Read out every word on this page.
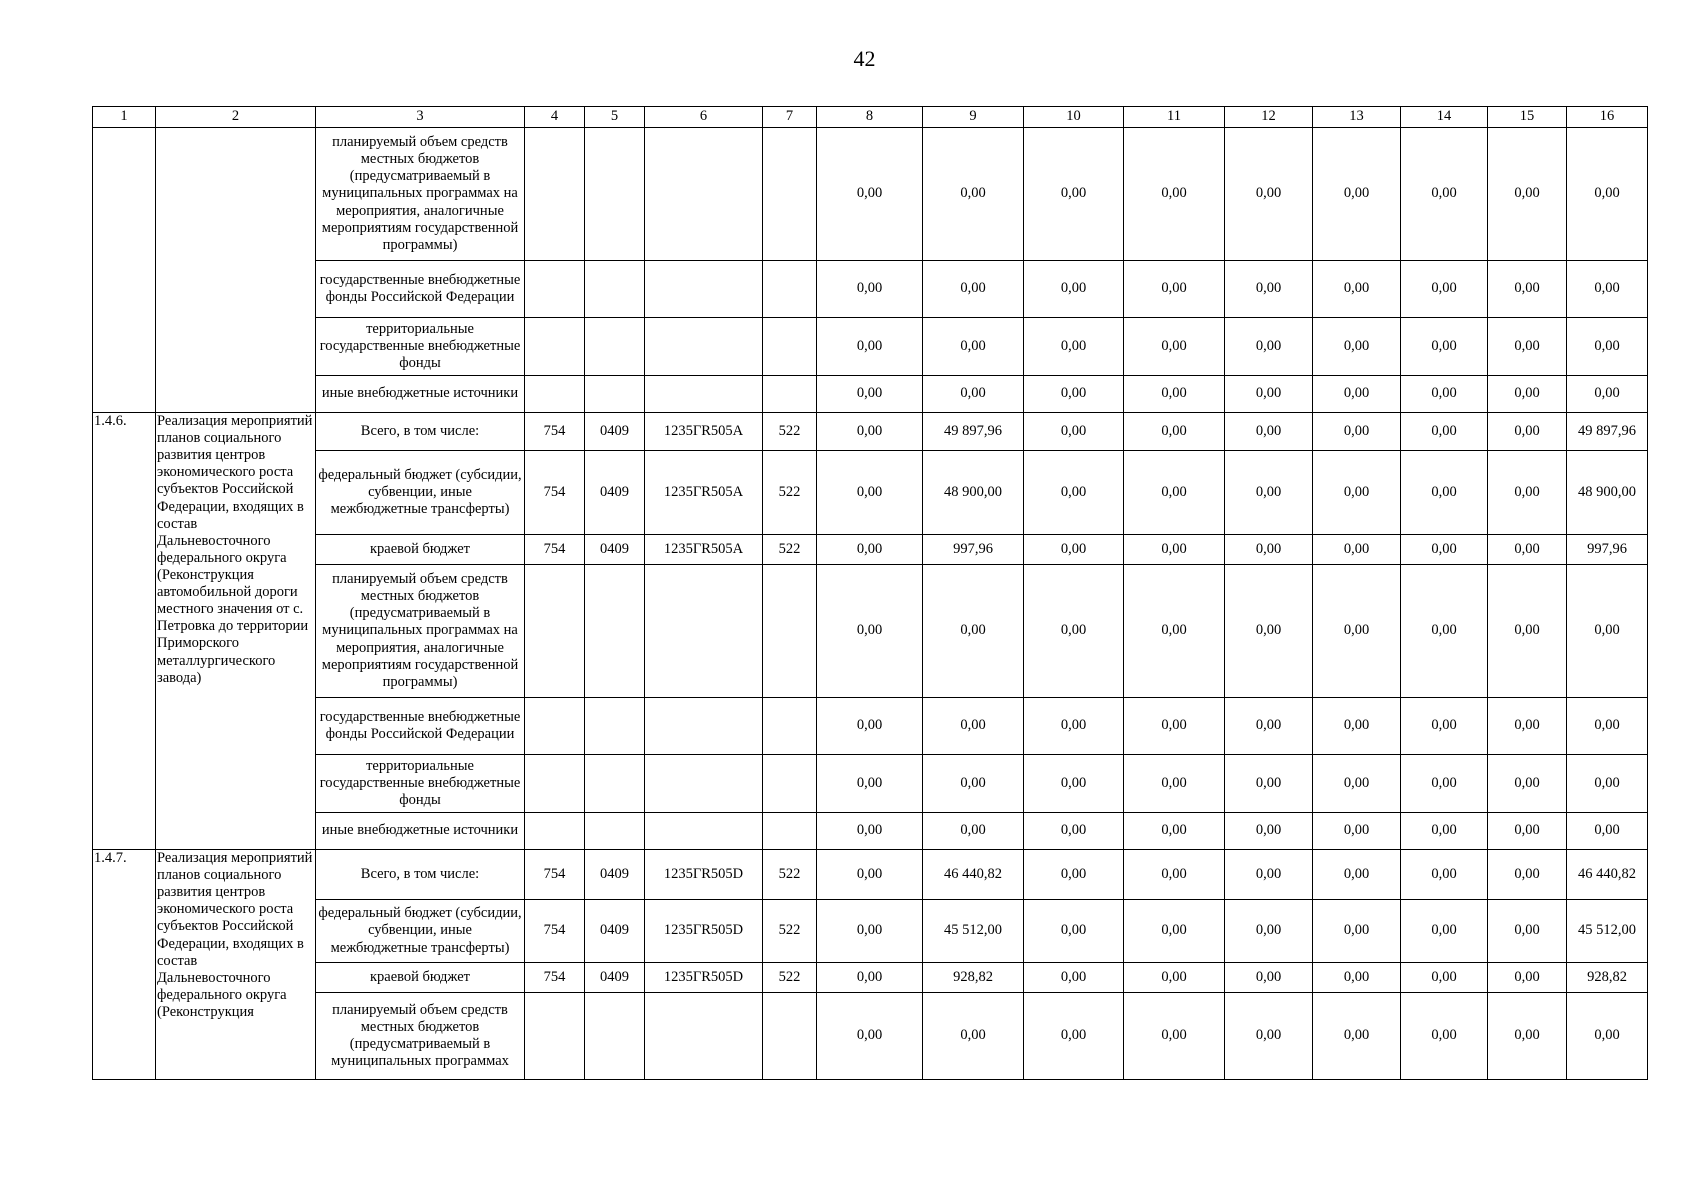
42
1	2	3	4	5	6	7	8	9	10	11	12	13	14	15	16
		планируемый объем средств местных бюджетов (предусматриваемый в муниципальных программах на мероприятия, аналогичные мероприятиям государственной программы)					0,00	0,00	0,00	0,00	0,00	0,00	0,00	0,00	0,00
		государственные внебюджетные фонды Российской Федерации					0,00	0,00	0,00	0,00	0,00	0,00	0,00	0,00	0,00
		территориальные государственные внебюджетные фонды					0,00	0,00	0,00	0,00	0,00	0,00	0,00	0,00	0,00
		иные внебюджетные источники					0,00	0,00	0,00	0,00	0,00	0,00	0,00	0,00	0,00
1.4.6.	Реализация мероприятий планов социального развития центров экономического роста субъектов Российской Федерации, входящих в состав Дальневосточного федерального округа (Реконструкция автомобильной дороги местного значения от с. Петровка до территории Приморского металлургического завода)	Всего, в том числе:	754	0409	1235ГR505A	522	0,00	49 897,96	0,00	0,00	0,00	0,00	0,00	0,00	49 897,96
		федеральный бюджет (субсидии, субвенции, иные межбюджетные трансферты)	754	0409	1235ГR505A	522	0,00	48 900,00	0,00	0,00	0,00	0,00	0,00	0,00	48 900,00
		краевой бюджет	754	0409	1235ГR505A	522	0,00	997,96	0,00	0,00	0,00	0,00	0,00	0,00	997,96
		планируемый объем средств местных бюджетов (предусматриваемый в муниципальных программах на мероприятия, аналогичные мероприятиям государственной программы)					0,00	0,00	0,00	0,00	0,00	0,00	0,00	0,00	0,00
		государственные внебюджетные фонды Российской Федерации					0,00	0,00	0,00	0,00	0,00	0,00	0,00	0,00	0,00
		территориальные государственные внебюджетные фонды					0,00	0,00	0,00	0,00	0,00	0,00	0,00	0,00	0,00
		иные внебюджетные источники					0,00	0,00	0,00	0,00	0,00	0,00	0,00	0,00	0,00
1.4.7.	Реализация мероприятий планов социального развития центров экономического роста субъектов Российской Федерации, входящих в состав Дальневосточного федерального округа (Реконструкция	Всего, в том числе:	754	0409	1235ГR505D	522	0,00	46 440,82	0,00	0,00	0,00	0,00	0,00	0,00	46 440,82
		федеральный бюджет (субсидии, субвенции, иные межбюджетные трансферты)	754	0409	1235ГR505D	522	0,00	45 512,00	0,00	0,00	0,00	0,00	0,00	0,00	45 512,00
		краевой бюджет	754	0409	1235ГR505D	522	0,00	928,82	0,00	0,00	0,00	0,00	0,00	0,00	928,82
		планируемый объем средств местных бюджетов (предусматриваемый в муниципальных программах					0,00	0,00	0,00	0,00	0,00	0,00	0,00	0,00	0,00
